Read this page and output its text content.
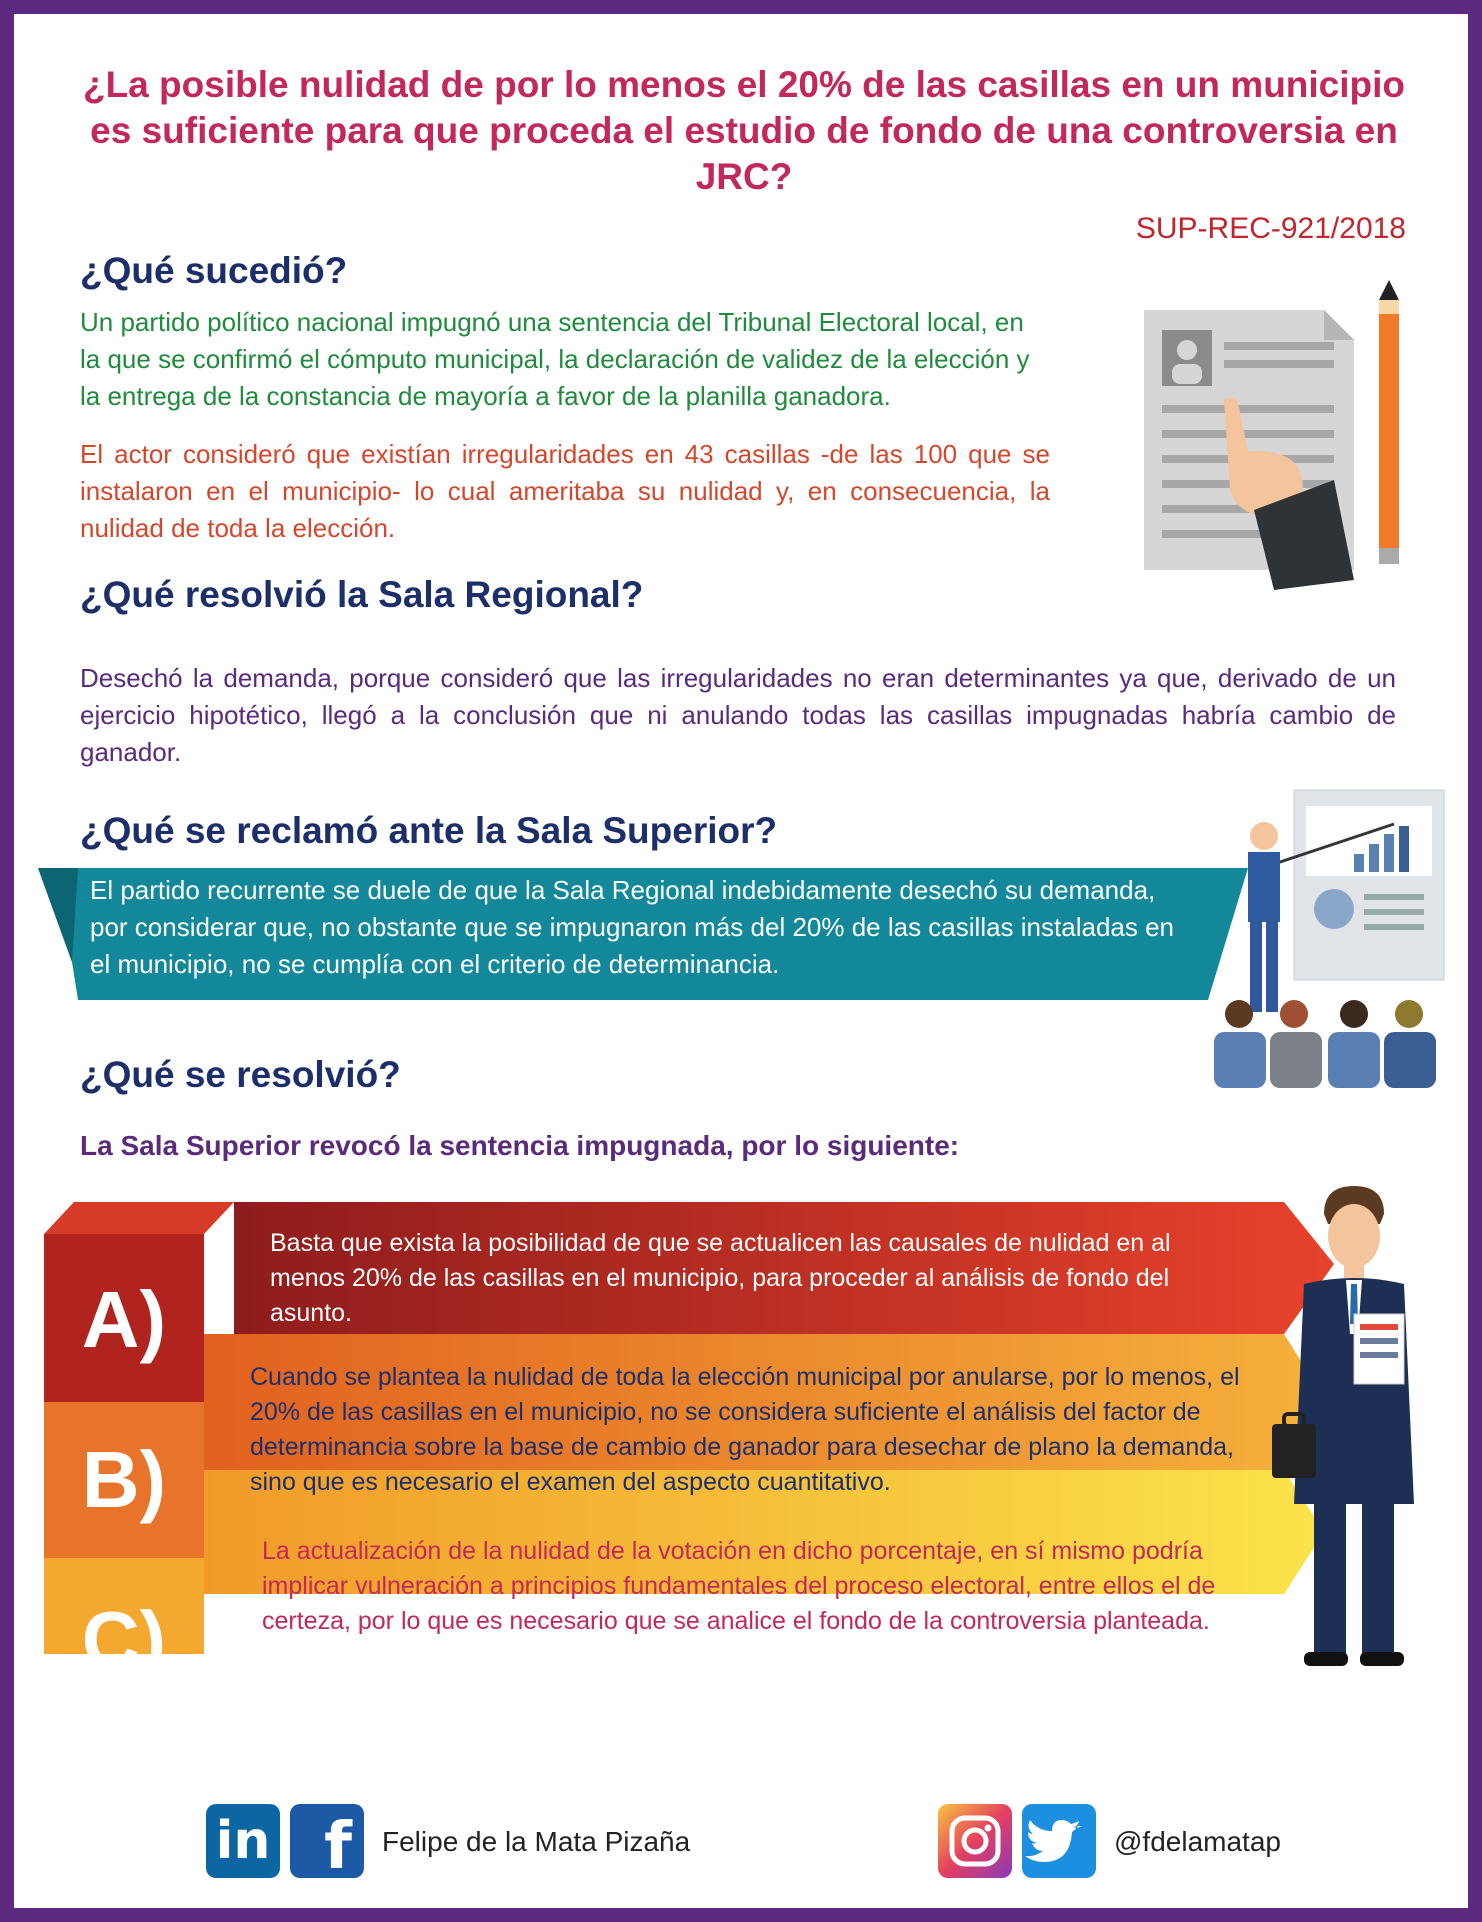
¿La posible nulidad de por lo menos el 20% de las casillas en un municipio es suficiente para que proceda el estudio de fondo de una controversia en JRC?
SUP-REC-921/2018
¿Qué sucedió?
Un partido político nacional impugnó una sentencia del Tribunal Electoral local, en la que se confirmó el cómputo municipal, la declaración de validez de la elección y la entrega de la constancia de mayoría a favor de la planilla ganadora.
El actor consideró que existían irregularidades en 43 casillas -de las 100 que se instalaron en el municipio- lo cual ameritaba su nulidad y, en consecuencia, la nulidad de toda la elección.
¿Qué resolvió la Sala Regional?
Desechó la demanda, porque consideró que las irregularidades no eran determinantes ya que, derivado de un ejercicio hipotético, llegó a la conclusión que ni anulando todas las casillas impugnadas habría cambio de ganador.
¿Qué se reclamó ante la Sala Superior?
El partido recurrente se duele de que la Sala Regional indebidamente desechó su demanda, por considerar que, no obstante que se impugnaron más del 20% de las casillas instaladas en el municipio, no se cumplía con el criterio de determinancia.
¿Qué se resolvió?
La Sala Superior revocó la sentencia impugnada, por lo siguiente:
A)
B)
C)
Basta que exista la posibilidad de que se actualicen las causales de nulidad en al menos 20% de las casillas en el municipio, para proceder al análisis de fondo del asunto.
Cuando se plantea la nulidad de toda la elección municipal por anularse, por lo menos, el 20% de las casillas en el municipio, no se considera suficiente el análisis del factor de determinancia sobre la base de cambio de ganador para desechar de plano la demanda, sino que es necesario el examen del aspecto cuantitativo.
La actualización de la nulidad de la votación en dicho porcentaje, en sí mismo podría implicar vulneración a principios fundamentales del proceso electoral, entre ellos el de certeza, por lo que es necesario que se analice el fondo de la controversia planteada.
in f	Felipe de la Mata Pizaña	@fdelamatap
